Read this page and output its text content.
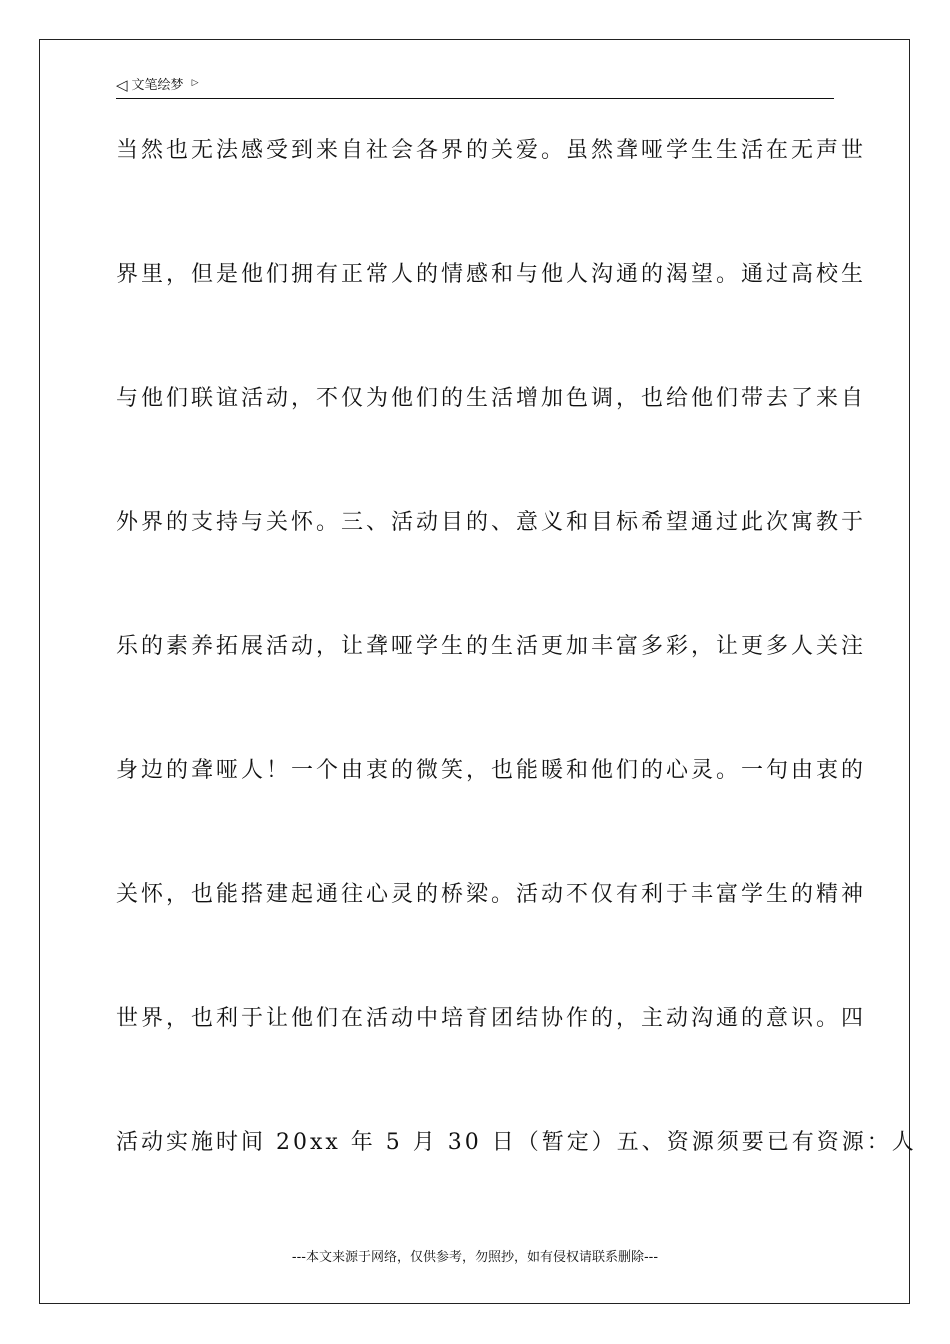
◁ 文笔绘梦 ▷
当然也无法感受到来自社会各界的关爱。虽然聋哑学生生活在无声世
界里，但是他们拥有正常人的情感和与他人沟通的渴望。通过高校生
与他们联谊活动，不仅为他们的生活增加色调，也给他们带去了来自
外界的支持与关怀。三、活动目的、意义和目标希望通过此次寓教于
乐的素养拓展活动，让聋哑学生的生活更加丰富多彩，让更多人关注
身边的聋哑人！一个由衷的微笑，也能暖和他们的心灵。一句由衷的
关怀，也能搭建起通往心灵的桥梁。活动不仅有利于丰富学生的精神
世界，也利于让他们在活动中培育团结协作的，主动沟通的意识。四
活动实施时间 20xx 年 5 月 30 日（暂定）五、资源须要已有资源：人
---本文来源于网络，仅供参考，勿照抄，如有侵权请联系删除---
